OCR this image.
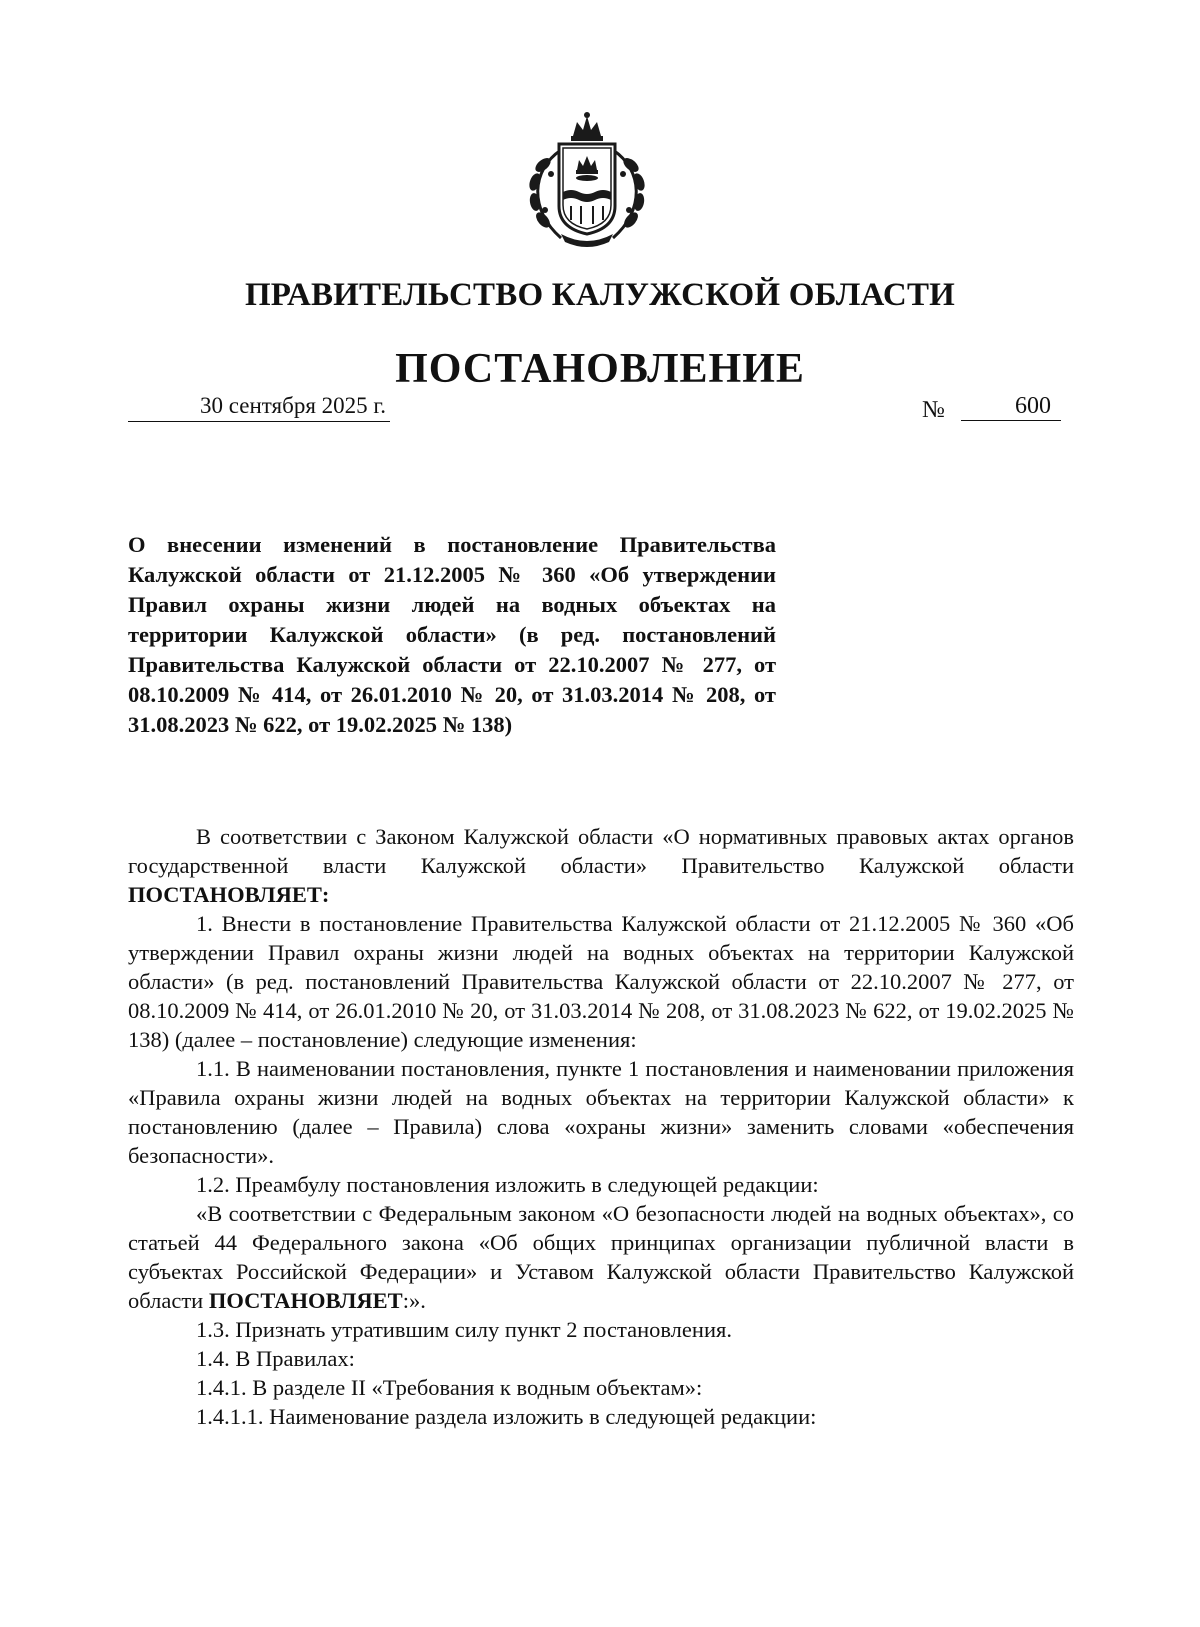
ПРАВИТЕЛЬСТВО КАЛУЖСКОЙ ОБЛАСТИ
ПОСТАНОВЛЕНИЕ
30 сентября 2025 г.	№	600
О внесении изменений в постановление Правительства Калужской области от 21.12.2005 № 360 «Об утверждении Правил охраны жизни людей на водных объектах на территории Калужской области» (в ред. постановлений Правительства Калужской области от 22.10.2007 № 277, от 08.10.2009 № 414, от 26.01.2010 № 20, от 31.03.2014 № 208, от 31.08.2023 № 622, от 19.02.2025 № 138)

В соответствии с Законом Калужской области «О нормативных правовых актах органов государственной власти Калужской области» Правительство Калужской области ПОСТАНОВЛЯЕТ:

1. Внести в постановление Правительства Калужской области от 21.12.2005 № 360 «Об утверждении Правил охраны жизни людей на водных объектах на территории Калужской области» (в ред. постановлений Правительства Калужской области от 22.10.2007 № 277, от 08.10.2009 № 414, от 26.01.2010 № 20, от 31.03.2014 № 208, от 31.08.2023 № 622, от 19.02.2025 № 138) (далее – постановление) следующие изменения:

1.1. В наименовании постановления, пункте 1 постановления и наименовании приложения «Правила охраны жизни людей на водных объектах на территории Калужской области» к постановлению (далее – Правила) слова «охраны жизни» заменить словами «обеспечения безопасности».

1.2. Преамбулу постановления изложить в следующей редакции:

«В соответствии с Федеральным законом «О безопасности людей на водных объектах», со статьей 44 Федерального закона «Об общих принципах организации публичной власти в субъектах Российской Федерации» и Уставом Калужской области Правительство Калужской области ПОСТАНОВЛЯЕТ:».

1.3. Признать утратившим силу пункт 2 постановления.

1.4. В Правилах:

1.4.1. В разделе II «Требования к водным объектам»:

1.4.1.1. Наименование раздела изложить в следующей редакции:
